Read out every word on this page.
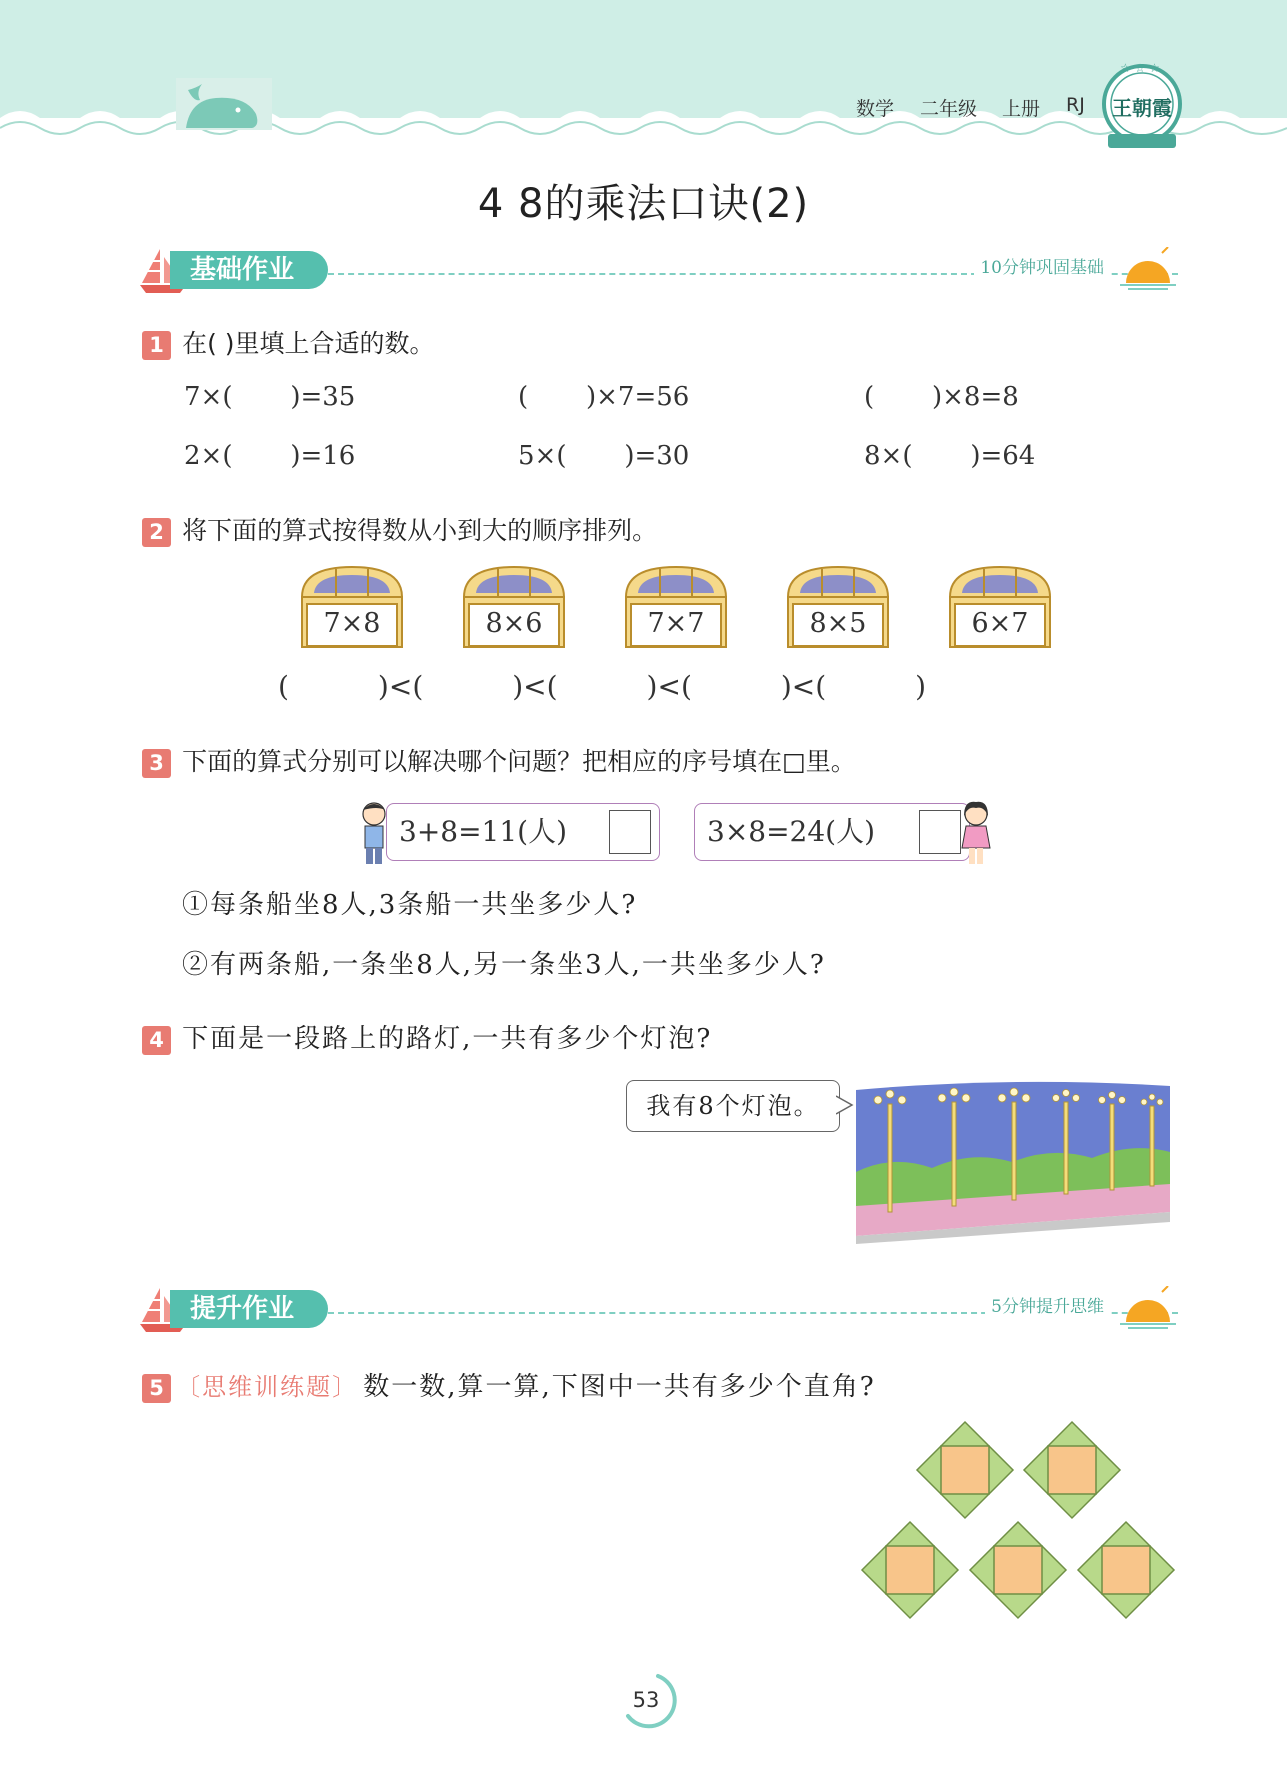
数学 二年级 上册 RJ
☆ ☆ ☆
王朝霞
4 8的乘法口诀(2)
基础作业	10分钟巩固基础
1 在( )里填上合适的数。
7×(       )=35	(       )×7=56	(       )×8=8
2×(       )=16	5×(       )=30	8×(       )=64
2 将下面的算式按得数从小到大的顺序排列。
7×8	8×6	7×7	8×5	6×7
(          )<(          )<(          )<(          )<(          )
3 下面的算式分别可以解决哪个问题？把相应的序号填在□里。
3+8=11(人)	3×8=24(人)
①每条船坐8人,3条船一共坐多少人?
②有两条船,一条坐8人,另一条坐3人,一共坐多少人?
4 下面是一段路上的路灯,一共有多少个灯泡?
我有8个灯泡。
提升作业	5分钟提升思维
5 〔思维训练题〕 数一数,算一算,下图中一共有多少个直角?
53
